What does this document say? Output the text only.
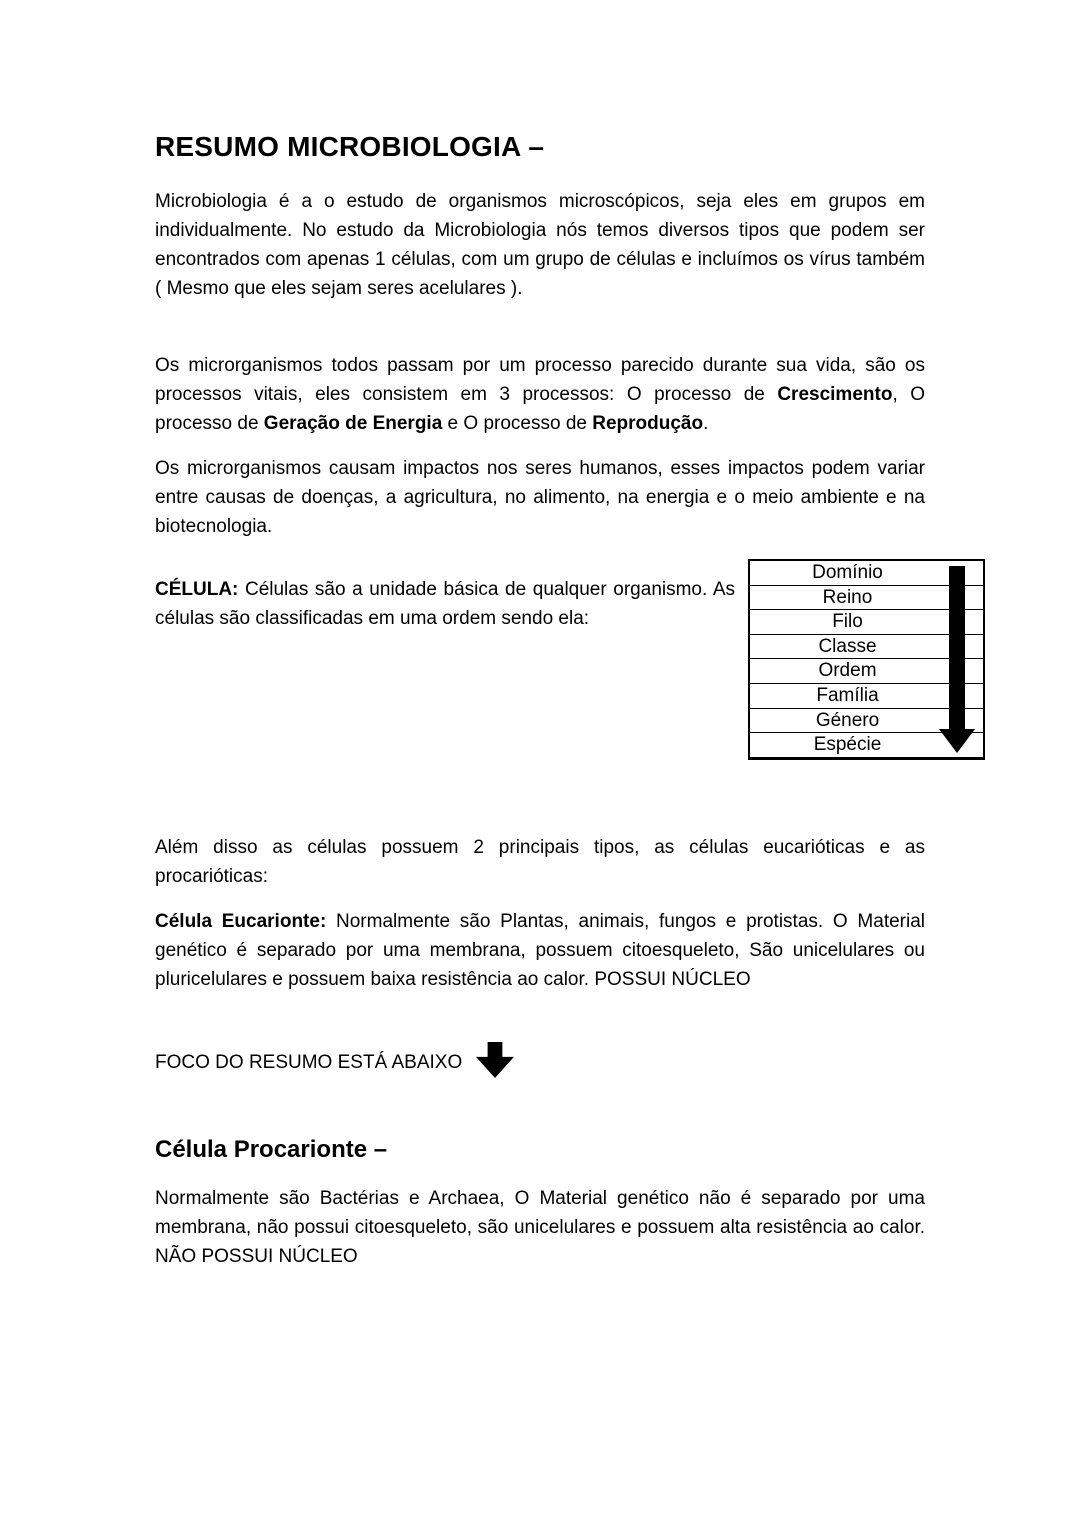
RESUMO MICROBIOLOGIA –

Microbiologia é a o estudo de organismos microscópicos, seja eles em grupos em individualmente. No estudo da Microbiologia nós temos diversos tipos que podem ser encontrados com apenas 1 células, com um grupo de células e incluímos os vírus também ( Mesmo que eles sejam seres acelulares ).

Os microrganismos todos passam por um processo parecido durante sua vida, são os processos vitais, eles consistem em 3 processos: O processo de Crescimento, O processo de Geração de Energia e O processo de Reprodução.

Os microrganismos causam impactos nos seres humanos, esses impactos podem variar entre causas de doenças, a agricultura, no alimento, na energia e o meio ambiente e na biotecnologia.

CÉLULA: Células são a unidade básica de qualquer organismo. As células são classificadas em uma ordem sendo ela:

Domínio
Reino
Filo
Classe
Ordem
Família
Género
Espécie

Além disso as células possuem 2 principais tipos, as células eucarióticas e as procarióticas:

Célula Eucarionte: Normalmente são Plantas, animais, fungos e protistas. O Material genético é separado por uma membrana, possuem citoesqueleto, São unicelulares ou pluricelulares e possuem baixa resistência ao calor. POSSUI NÚCLEO

FOCO DO RESUMO ESTÁ ABAIXO
Célula Procarionte –

Normalmente são Bactérias e Archaea, O Material genético não é separado por uma membrana, não possui citoesqueleto, são unicelulares e possuem alta resistência ao calor. NÃO POSSUI NÚCLEO
